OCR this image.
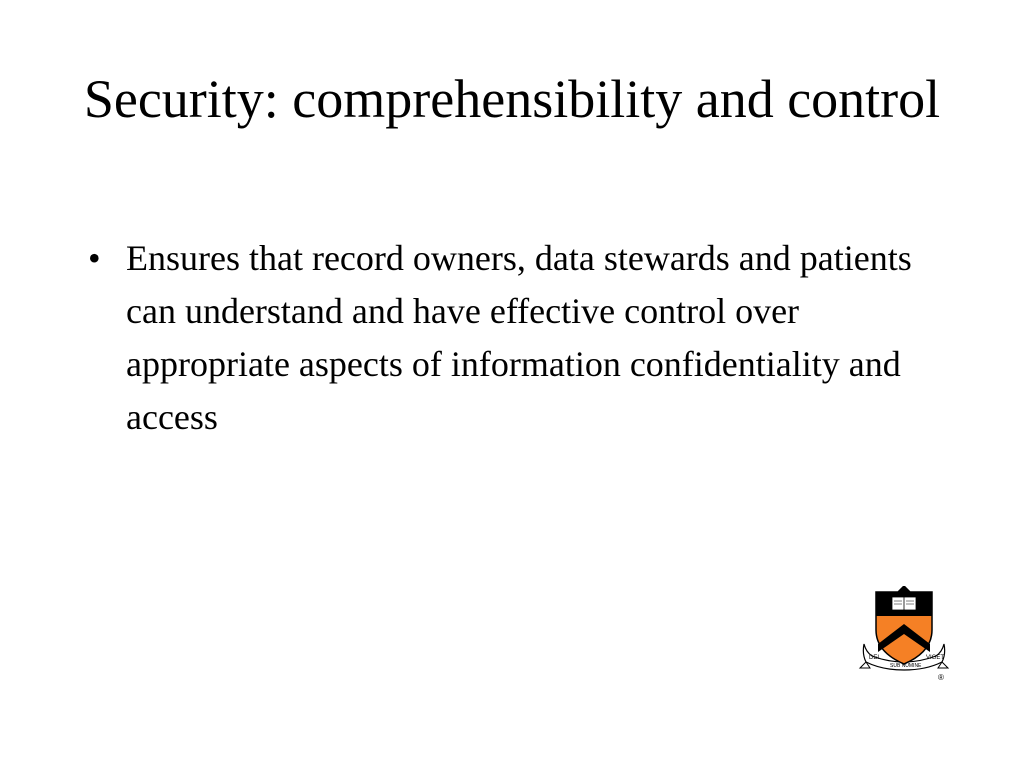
Security: comprehensibility and control
• Ensures that record owners, data stewards and patients can understand and have effective control over appropriate aspects of information confidentiality and access
DEI
SUB NUMINE
VIGET
®
